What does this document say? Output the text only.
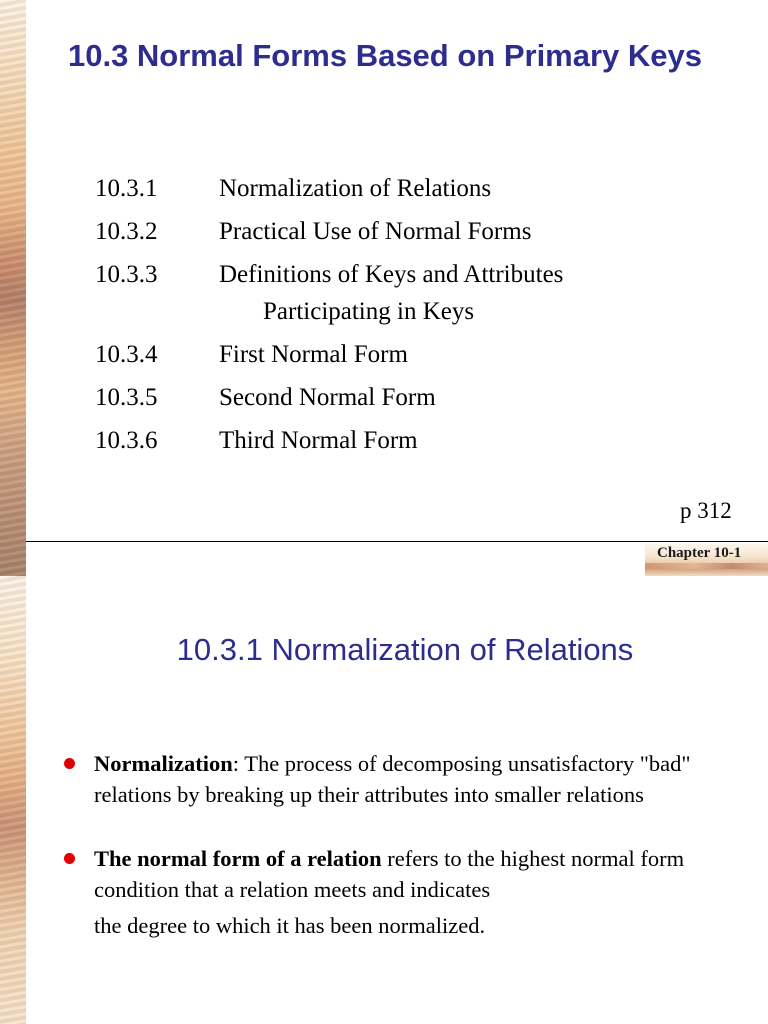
10.3 Normal Forms Based on Primary Keys
10.3.1	Normalization of Relations
10.3.2	Practical Use of Normal Forms
10.3.3	Definitions of Keys and Attributes
Participating in Keys
10.3.4	First Normal Form
10.3.5	Second Normal Form
10.3.6	Third Normal Form
p 312
Chapter 10-1
10.3.1 Normalization of Relations
Normalization: The process of decomposing unsatisfactory "bad" relations by breaking up their attributes into smaller relations
The normal form of a relation refers to the highest normal form condition that a relation meets and indicates
the degree to which it has been normalized.
